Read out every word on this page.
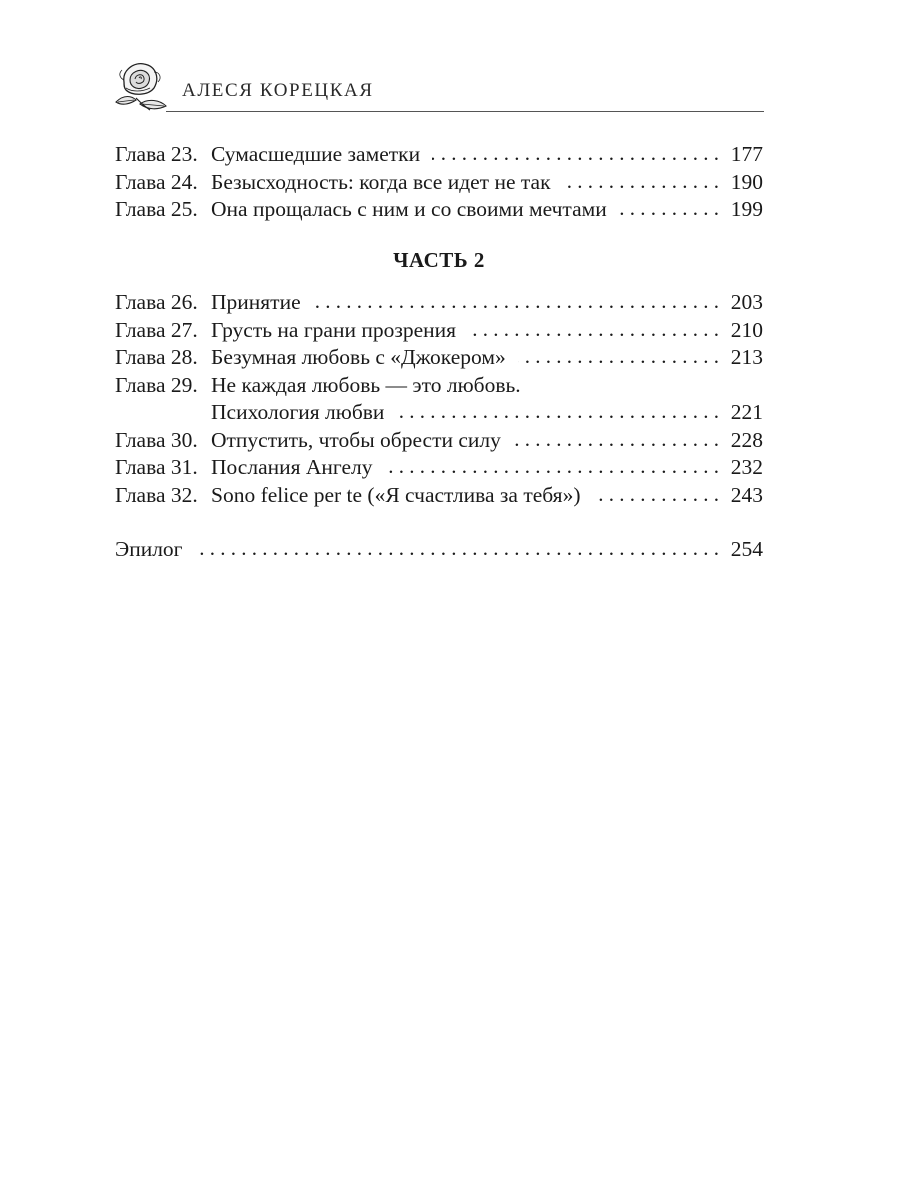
АЛЕСЯ КОРЕЦКАЯ
Глава 23. Сумасшедшие заметки . . .	177
Глава 24. Безысходность: когда все идет не так . . .	190
Глава 25. Она прощалась с ним и со своими мечтами . . .	199
ЧАСТЬ 2
Глава 26. Принятие . . .	203
Глава 27. Грусть на грани прозрения . . .	210
Глава 28. Безумная любовь с «Джокером» . . .	213
Глава 29. Не каждая любовь — это любовь.
Психология любви . . .	221
Глава 30. Отпустить, чтобы обрести силу . . .	228
Глава 31. Послания Ангелу . . .	232
Глава 32. Sono felice per te («Я счастлива за тебя») . . .	243
Эпилог . . .	254
